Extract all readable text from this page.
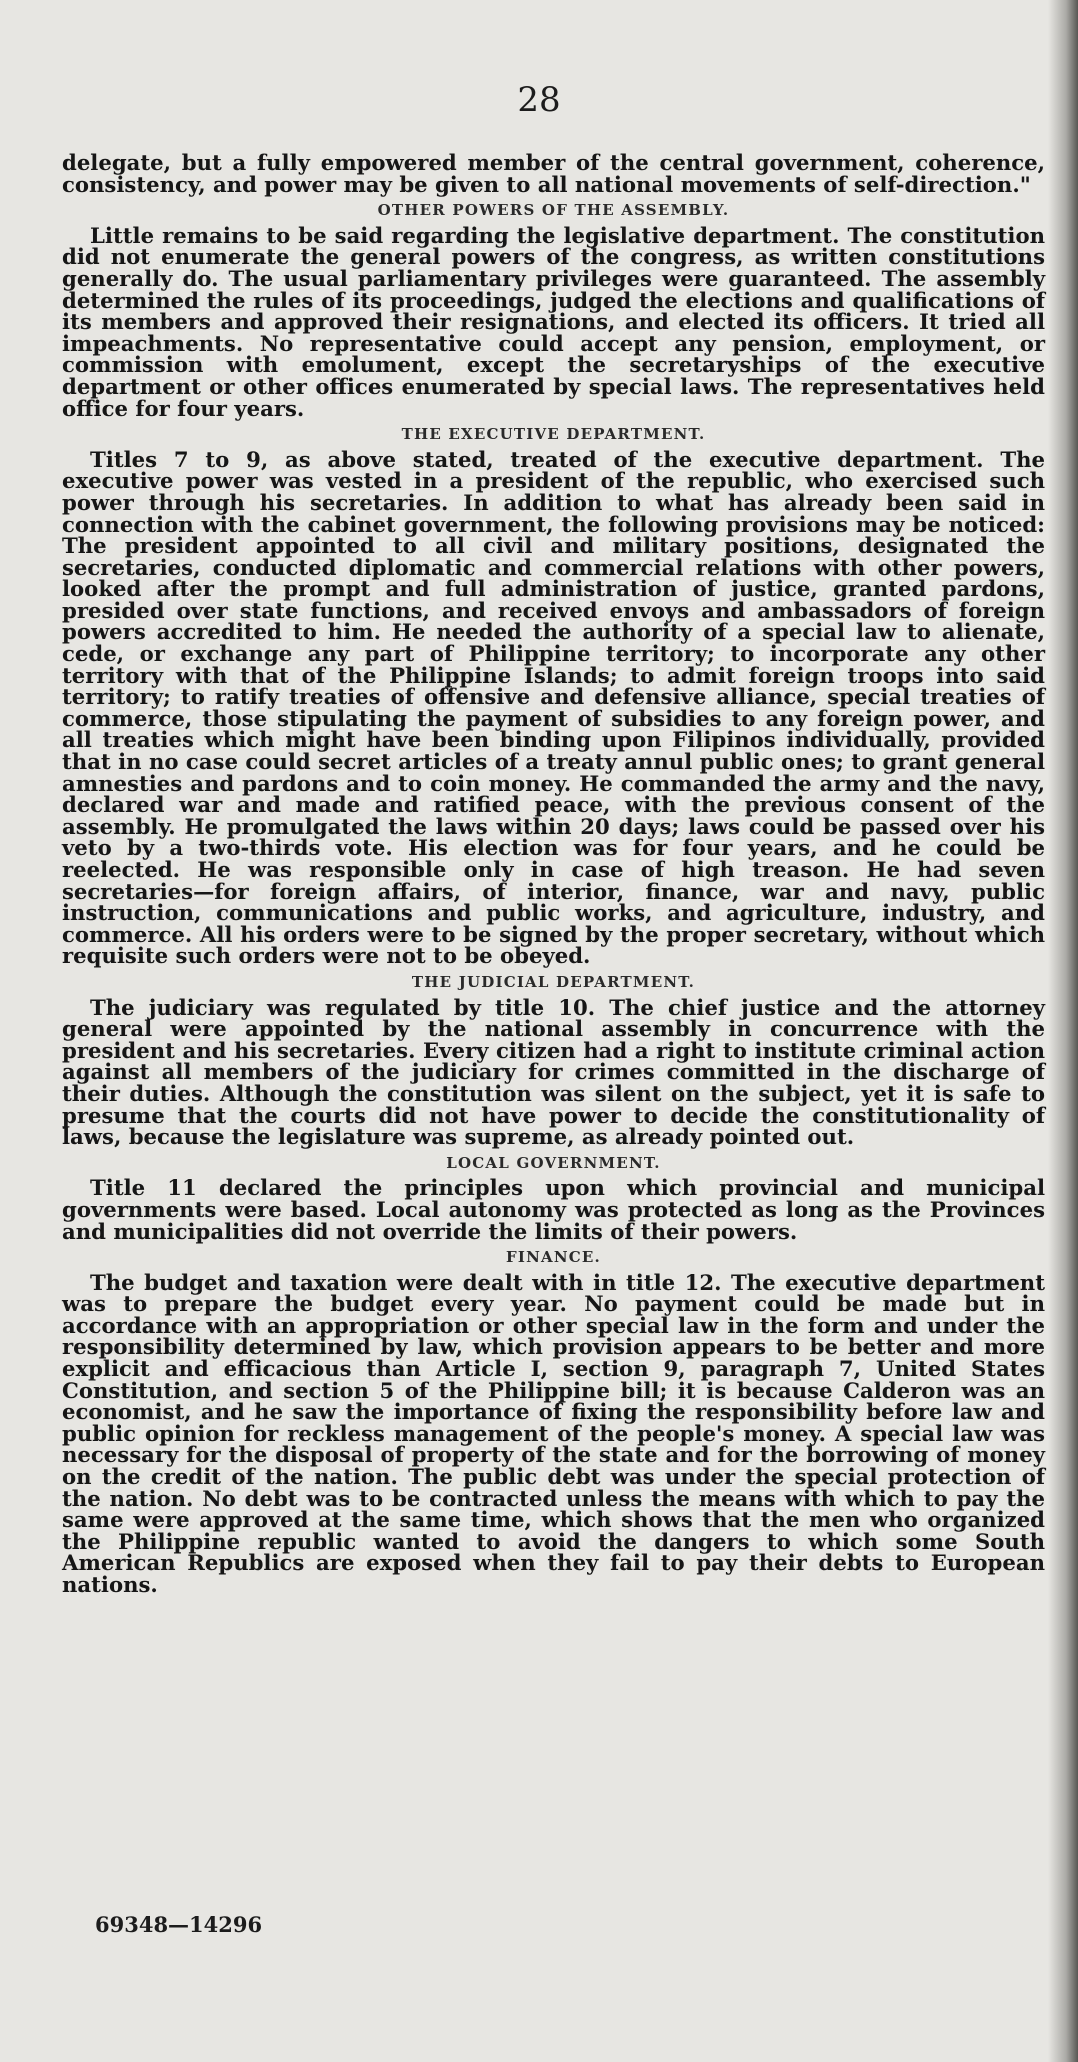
28

delegate, but a fully empowered member of the central government, coherence, consistency, and power may be given to all national movements of self-direction."

OTHER POWERS OF THE ASSEMBLY.

Little remains to be said regarding the legislative department. The constitution did not enumerate the general powers of the congress, as written constitutions generally do. The usual parliamentary privileges were guaranteed. The assembly determined the rules of its proceedings, judged the elections and qualifications of its members and approved their resignations, and elected its officers. It tried all impeachments. No representative could accept any pension, employment, or commission with emolument, except the secretaryships of the executive department or other offices enumerated by special laws. The representatives held office for four years.

THE EXECUTIVE DEPARTMENT.

Titles 7 to 9, as above stated, treated of the executive department. The executive power was vested in a president of the republic, who exercised such power through his secretaries. In addition to what has already been said in connection with the cabinet government, the following provisions may be noticed: The president appointed to all civil and military positions, designated the secretaries, conducted diplomatic and commercial relations with other powers, looked after the prompt and full administration of justice, granted pardons, presided over state functions, and received envoys and ambassadors of foreign powers accredited to him. He needed the authority of a special law to alienate, cede, or exchange any part of Philippine territory; to incorporate any other territory with that of the Philippine Islands; to admit foreign troops into said territory; to ratify treaties of offensive and defensive alliance, special treaties of commerce, those stipulating the payment of subsidies to any foreign power, and all treaties which might have been binding upon Filipinos individually, provided that in no case could secret articles of a treaty annul public ones; to grant general amnesties and pardons and to coin money. He commanded the army and the navy, declared war and made and ratified peace, with the previous consent of the assembly. He promulgated the laws within 20 days; laws could be passed over his veto by a two-thirds vote. His election was for four years, and he could be reelected. He was responsible only in case of high treason. He had seven secretaries—for foreign affairs, of interior, finance, war and navy, public instruction, communications and public works, and agriculture, industry, and commerce. All his orders were to be signed by the proper secretary, without which requisite such orders were not to be obeyed.

THE JUDICIAL DEPARTMENT.

The judiciary was regulated by title 10. The chief justice and the attorney general were appointed by the national assembly in concurrence with the president and his secretaries. Every citizen had a right to institute criminal action against all members of the judiciary for crimes committed in the discharge of their duties. Although the constitution was silent on the subject, yet it is safe to presume that the courts did not have power to decide the constitutionality of laws, because the legislature was supreme, as already pointed out.

LOCAL GOVERNMENT.

Title 11 declared the principles upon which provincial and municipal governments were based. Local autonomy was protected as long as the Provinces and municipalities did not override the limits of their powers.

FINANCE.

The budget and taxation were dealt with in title 12. The executive department was to prepare the budget every year. No payment could be made but in accordance with an appropriation or other special law in the form and under the responsibility determined by law, which provision appears to be better and more explicit and efficacious than Article I, section 9, paragraph 7, United States Constitution, and section 5 of the Philippine bill; it is because Calderon was an economist, and he saw the importance of fixing the responsibility before law and public opinion for reckless management of the people's money. A special law was necessary for the disposal of property of the state and for the borrowing of money on the credit of the nation. The public debt was under the special protection of the nation. No debt was to be contracted unless the means with which to pay the same were approved at the same time, which shows that the men who organized the Philippine republic wanted to avoid the dangers to which some South American Republics are exposed when they fail to pay their debts to European nations.

69348—14296
